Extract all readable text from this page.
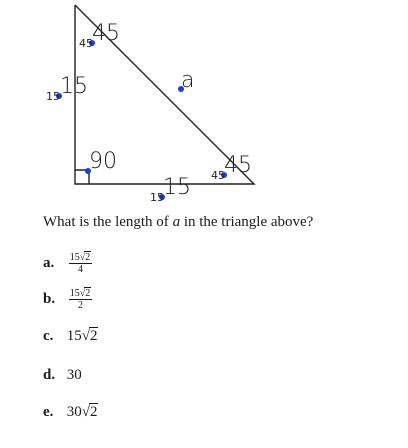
45
15
45
15
45
15	a
90	45
15
What is the length of a in the triangle above?
a. $\frac{15√2}{4}$
b. $\frac{15√2}{2}$
c. 15√2
d. 30
e. 30√2
